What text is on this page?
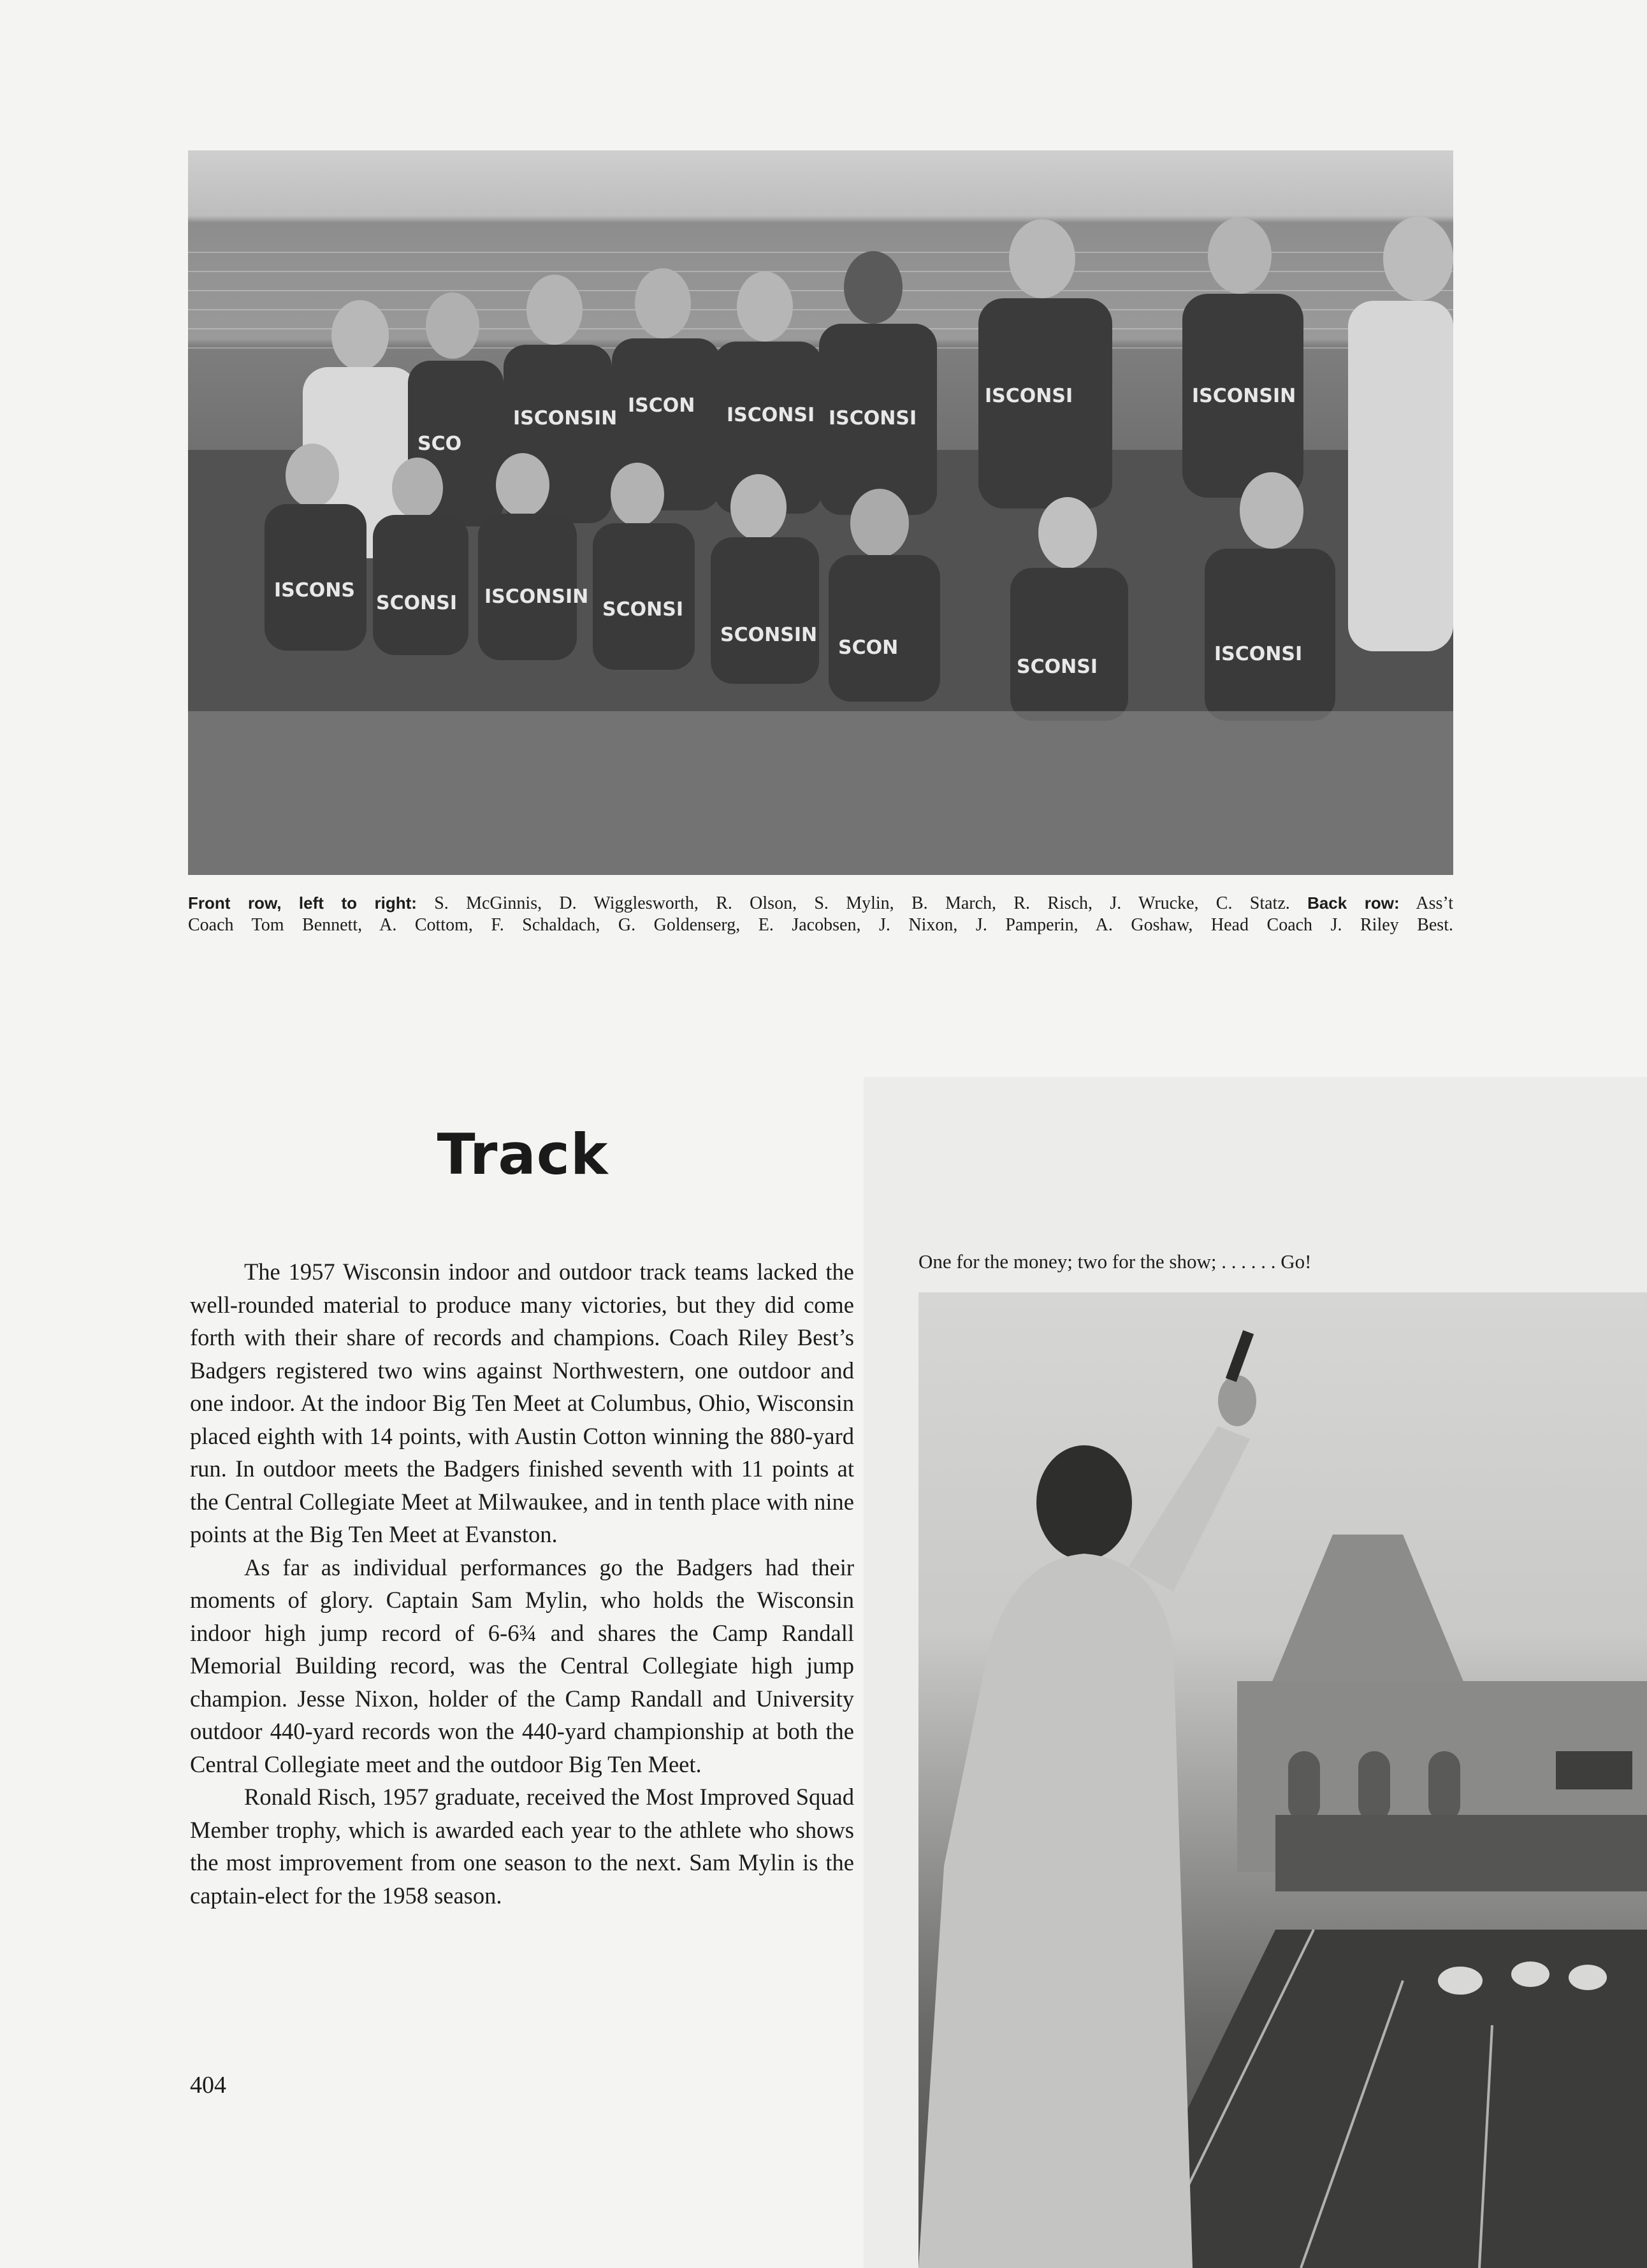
SCO
ISCONSIN
ISCON ISCONSI ISCONSI
ISCONSI	ISCONSIN
ISCONS
SCONSI ISCONSIN
SCONSI
SCONSIN
SCON
SCONSI
ISCONSI
Front row, left to right: S. McGinnis, D. Wigglesworth, R. Olson, S. Mylin, B. March, R. Risch, J. Wrucke, C. Statz. Back row: Ass’t
Coach Tom Bennett, A. Cottom, F. Schaldach, G. Goldenserg, E. Jacobsen, J. Nixon, J. Pamperin, A. Goshaw, Head Coach J. Riley Best.
Track

The 1957 Wisconsin indoor and outdoor track teams lacked the well-rounded material to produce many victories, but they did come forth with their share of records and champions. Coach Riley Best’s Badgers registered two wins against Northwestern, one outdoor and one indoor. At the indoor Big Ten Meet at Columbus, Ohio, Wisconsin placed eighth with 14 points, with Austin Cotton winning the 880-yard run. In outdoor meets the Badgers finished seventh with 11 points at the Central Collegiate Meet at Milwaukee, and in tenth place with nine points at the Big Ten Meet at Evanston.

As far as individual performances go the Badgers had their moments of glory. Captain Sam Mylin, who holds the Wisconsin indoor high jump record of 6-6¾ and shares the Camp Randall Memorial Building record, was the Central Collegiate high jump champion. Jesse Nixon, holder of the Camp Randall and University outdoor 440-yard records won the 440-yard championship at both the Central Collegiate meet and the outdoor Big Ten Meet.

Ronald Risch, 1957 graduate, received the Most Improved Squad Member trophy, which is awarded each year to the athlete who shows the most improvement from one season to the next. Sam Mylin is the captain-elect for the 1958 season.

404
One for the money; two for the show; . . . . . . Go!
